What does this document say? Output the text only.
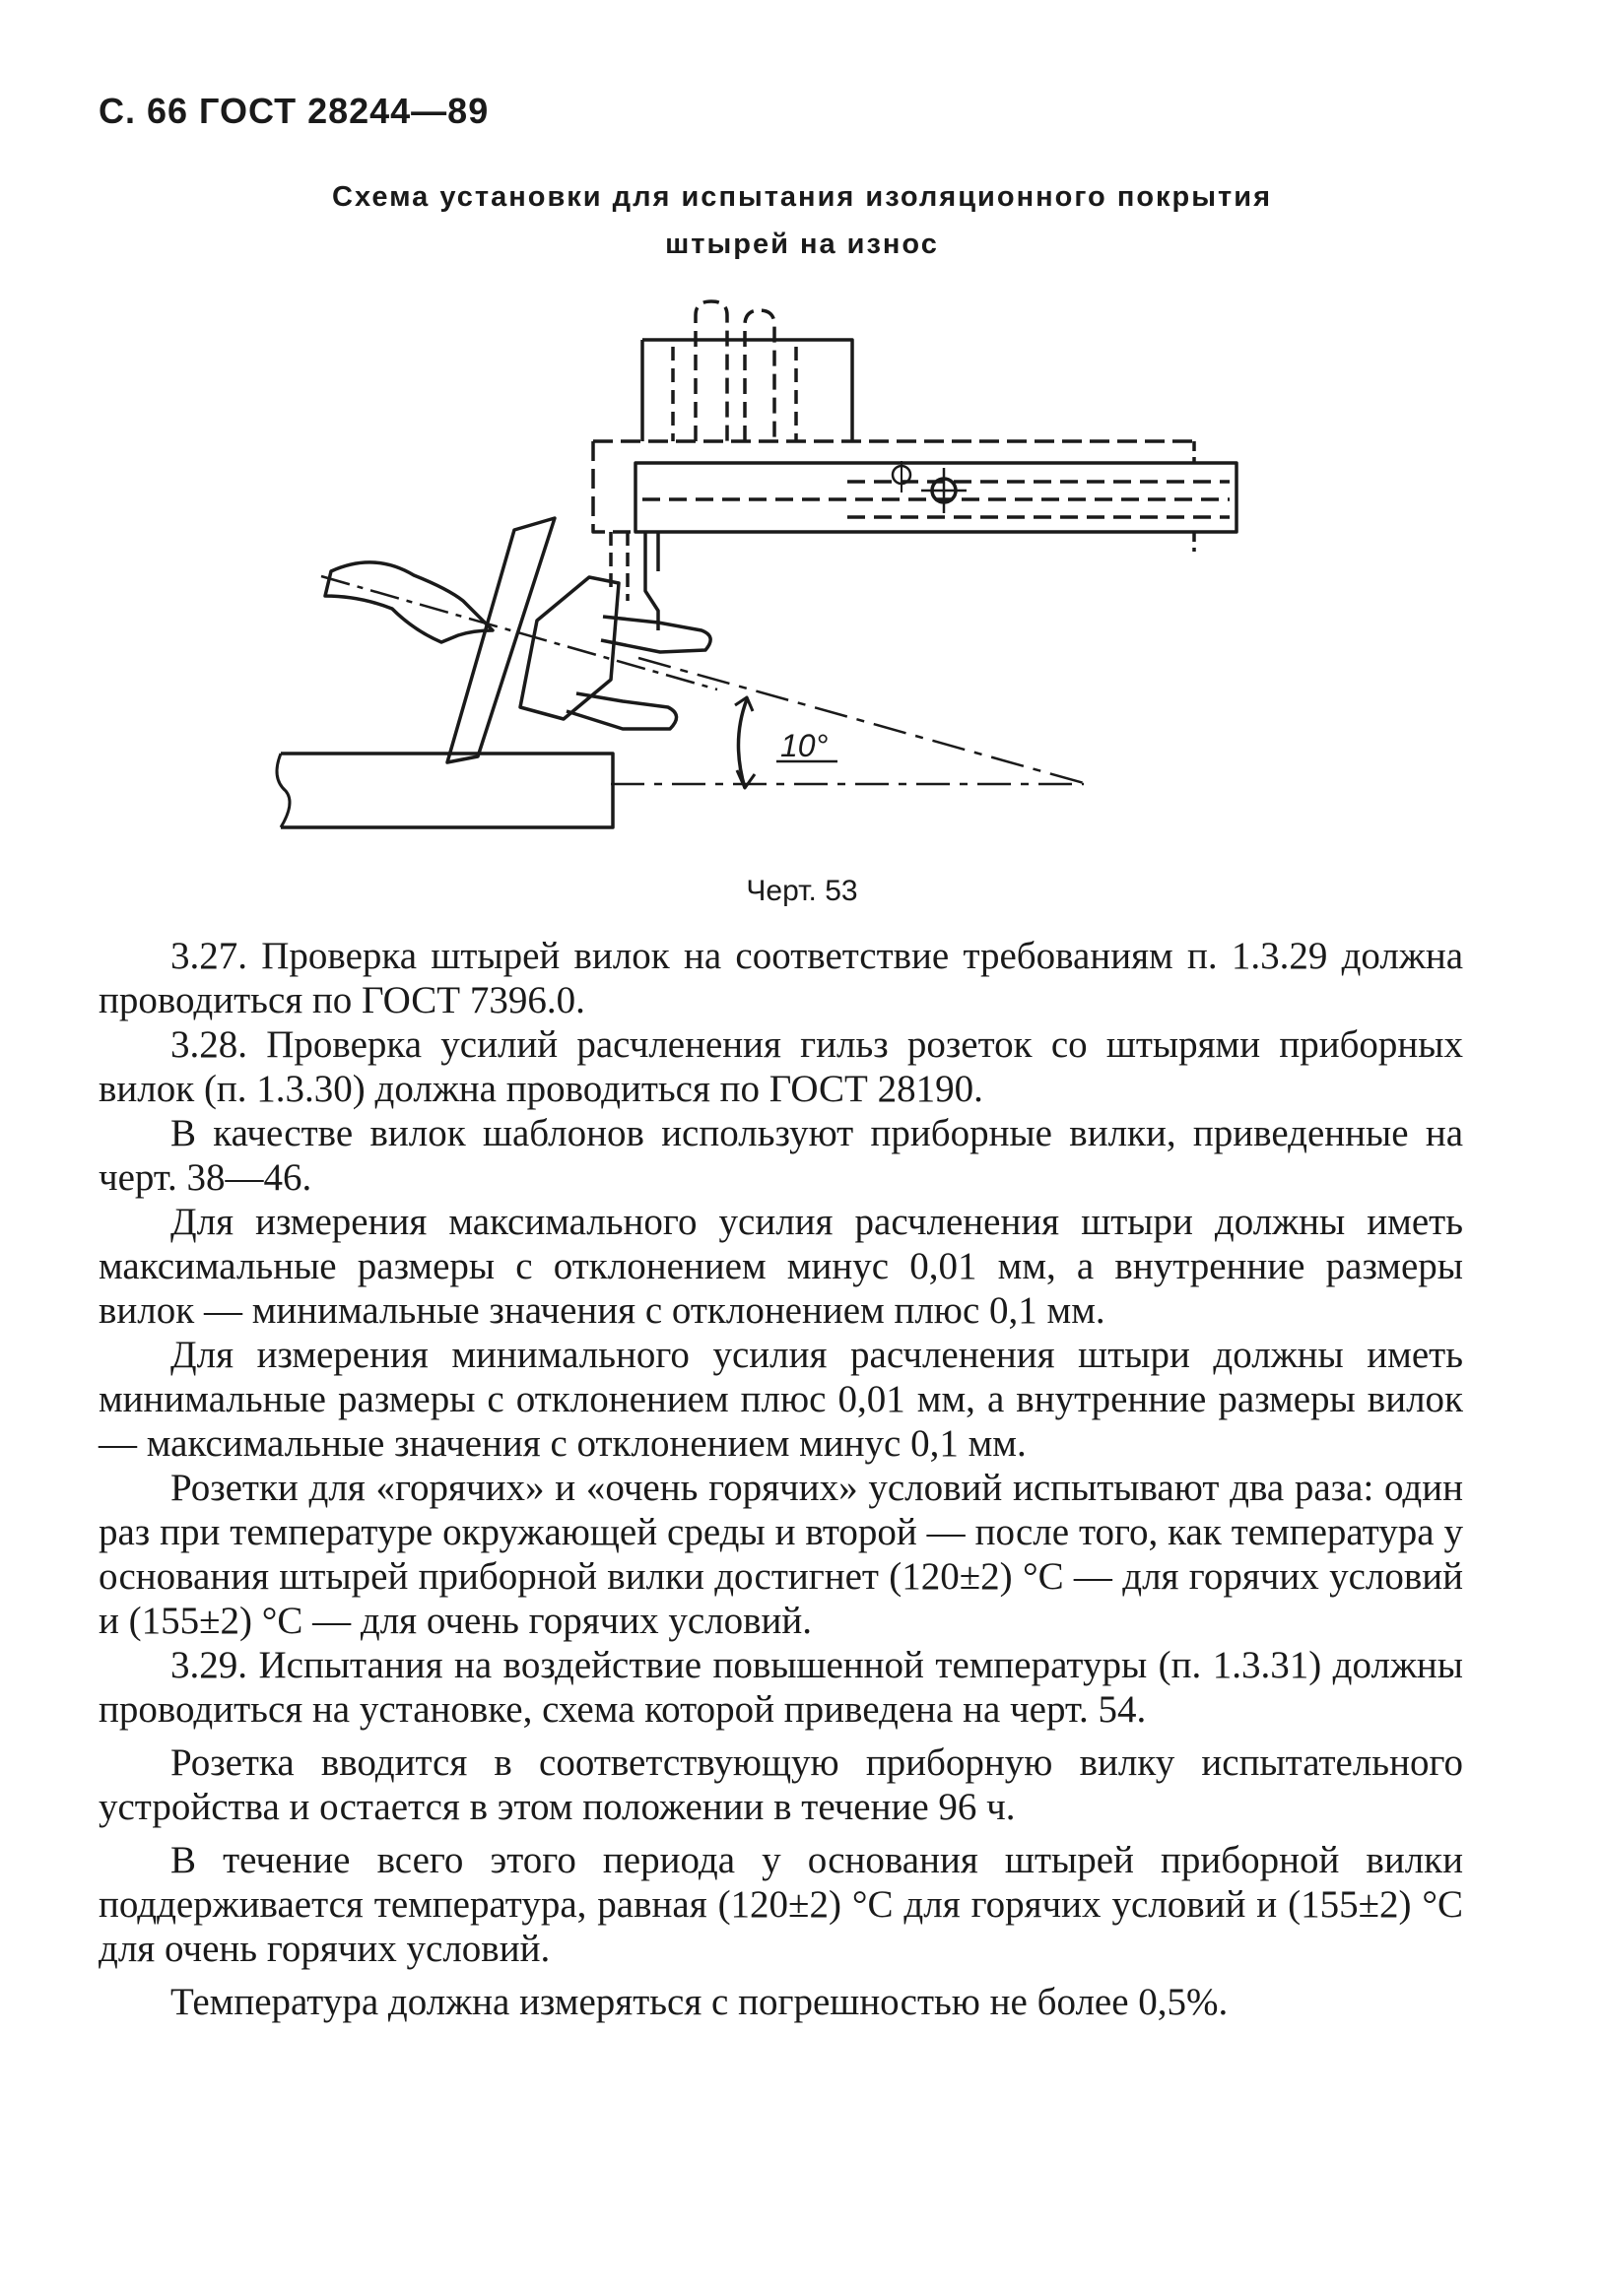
С. 66 ГОСТ 28244—89
Схема установки для испытания изоляционного покрытия
штырей на износ
10°
Черт. 53

3.27. Проверка штырей вилок на соответствие требованиям п. 1.3.29 должна проводиться по ГОСТ 7396.0.

3.28. Проверка усилий расчленения гильз розеток со штырями приборных вилок (п. 1.3.30) должна проводиться по ГОСТ 28190.

В качестве вилок шаблонов используют приборные вилки, приведенные на черт. 38—46.

Для измерения максимального усилия расчленения штыри должны иметь максимальные размеры с отклонением минус 0,01 мм, а внутренние размеры вилок — минимальные значения с отклонением плюс 0,1 мм.

Для измерения минимального усилия расчленения штыри должны иметь минимальные размеры с отклонением плюс 0,01 мм, а внутренние размеры вилок — максимальные значения с отклонением минус 0,1 мм.

Розетки для «горячих» и «очень горячих» условий испытывают два раза: один раз при температуре окружающей среды и второй — после того, как температура у основания штырей приборной вилки достигнет (120±2) °С — для горячих условий и (155±2) °С — для очень горячих условий.

3.29. Испытания на воздействие повышенной температуры (п. 1.3.31) должны проводиться на установке, схема которой приведена на черт. 54.

Розетка вводится в соответствующую приборную вилку испытательного устройства и остается в этом положении в течение 96 ч.

В течение всего этого периода у основания штырей приборной вилки поддерживается температура, равная (120±2) °С для горячих условий и (155±2) °С для очень горячих условий.

Температура должна измеряться с погрешностью не более 0,5%.
